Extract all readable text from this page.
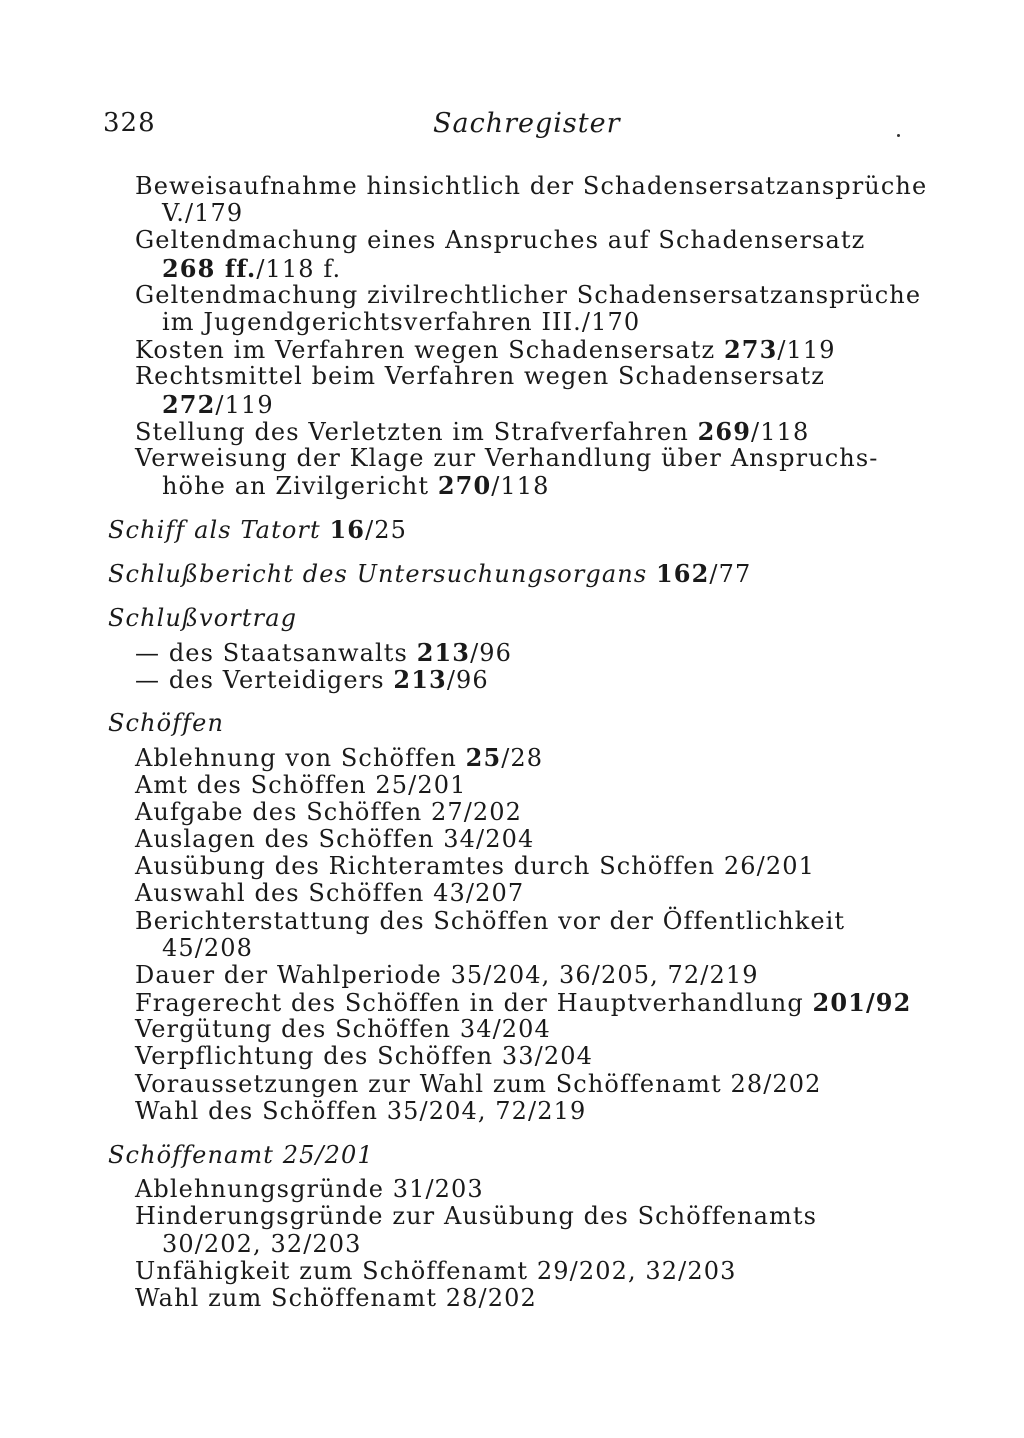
328	Sachregister
Beweisaufnahme hinsichtlich der Schadensersatzansprüche
V./179
Geltendmachung eines Anspruches auf Schadensersatz
268 ff./118 f.
Geltendmachung zivilrechtlicher Schadensersatzansprüche
im Jugendgerichtsverfahren III./170
Kosten im Verfahren wegen Schadensersatz 273/119
Rechtsmittel beim Verfahren wegen Schadensersatz
272/119
Stellung des Verletzten im Strafverfahren 269/118
Verweisung der Klage zur Verhandlung über Anspruchs-
höhe an Zivilgericht 270/118
Schiff als Tatort 16/25
Schlußbericht des Untersuchungsorgans 162/77
Schlußvortrag
— des Staatsanwalts 213/96
— des Verteidigers 213/96
Schöffen
Ablehnung von Schöffen 25/28
Amt des Schöffen 25/201
Aufgabe des Schöffen 27/202
Auslagen des Schöffen 34/204
Ausübung des Richteramtes durch Schöffen 26/201
Auswahl des Schöffen 43/207
Berichterstattung des Schöffen vor der Öffentlichkeit
45/208
Dauer der Wahlperiode 35/204, 36/205, 72/219
Fragerecht des Schöffen in der Hauptverhandlung 201/92
Vergütung des Schöffen 34/204
Verpflichtung des Schöffen 33/204
Voraussetzungen zur Wahl zum Schöffenamt 28/202
Wahl des Schöffen 35/204, 72/219
Schöffenamt 25/201
Ablehnungsgründe 31/203
Hinderungsgründe zur Ausübung des Schöffenamts
30/202, 32/203
Unfähigkeit zum Schöffenamt 29/202, 32/203
Wahl zum Schöffenamt 28/202
